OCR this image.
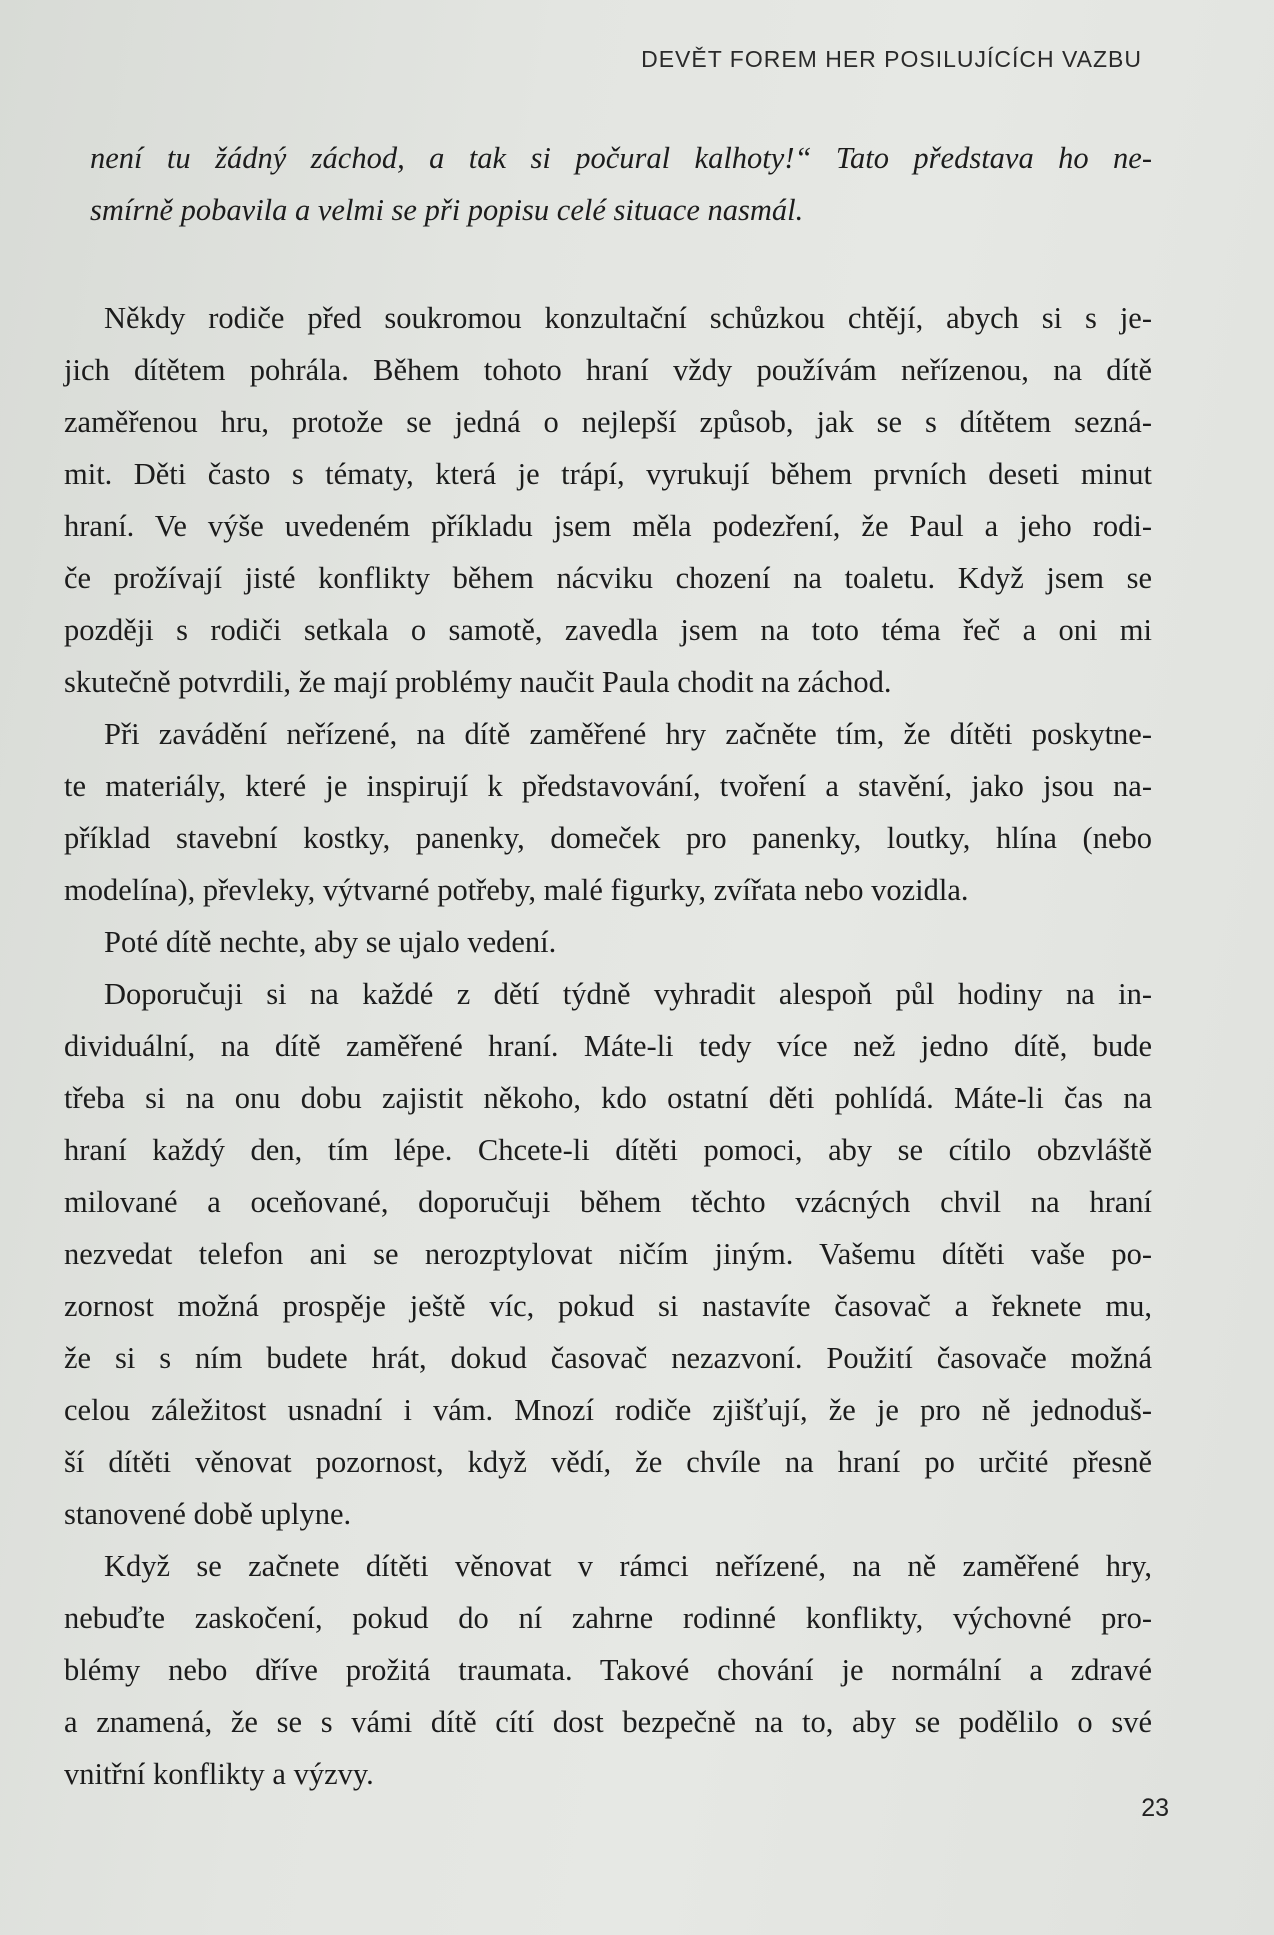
DEVĚT FOREM HER POSILUJÍCÍCH VAZBU
není tu žádný záchod, a tak si počural kalhoty!“ Tato představa ho ne-
smírně pobavila a velmi se při popisu celé situace nasmál.
Někdy rodiče před soukromou konzultační schůzkou chtějí, abych si s je-
jich dítětem pohrála. Během tohoto hraní vždy používám neřízenou, na dítě
zaměřenou hru, protože se jedná o nejlepší způsob, jak se s dítětem sezná-
mit. Děti často s tématy, která je trápí, vyrukují během prvních deseti minut
hraní. Ve výše uvedeném příkladu jsem měla podezření, že Paul a jeho rodi-
če prožívají jisté konflikty během nácviku chození na toaletu. Když jsem se
později s rodiči setkala o samotě, zavedla jsem na toto téma řeč a oni mi
skutečně potvrdili, že mají problémy naučit Paula chodit na záchod.
Při zavádění neřízené, na dítě zaměřené hry začněte tím, že dítěti poskytne-
te materiály, které je inspirují k představování, tvoření a stavění, jako jsou na-
příklad stavební kostky, panenky, domeček pro panenky, loutky, hlína (nebo
modelína), převleky, výtvarné potřeby, malé figurky, zvířata nebo vozidla.
Poté dítě nechte, aby se ujalo vedení.
Doporučuji si na každé z dětí týdně vyhradit alespoň půl hodiny na in-
dividuální, na dítě zaměřené hraní. Máte-li tedy více než jedno dítě, bude
třeba si na onu dobu zajistit někoho, kdo ostatní děti pohlídá. Máte-li čas na
hraní každý den, tím lépe. Chcete-li dítěti pomoci, aby se cítilo obzvláště
milované a oceňované, doporučuji během těchto vzácných chvil na hraní
nezvedat telefon ani se nerozptylovat ničím jiným. Vašemu dítěti vaše po-
zornost možná prospěje ještě víc, pokud si nastavíte časovač a řeknete mu,
že si s ním budete hrát, dokud časovač nezazvoní. Použití časovače možná
celou záležitost usnadní i vám. Mnozí rodiče zjišťují, že je pro ně jednoduš-
ší dítěti věnovat pozornost, když vědí, že chvíle na hraní po určité přesně
stanovené době uplyne.
Když se začnete dítěti věnovat v rámci neřízené, na ně zaměřené hry,
nebuďte zaskočení, pokud do ní zahrne rodinné konflikty, výchovné pro-
blémy nebo dříve prožitá traumata. Takové chování je normální a zdravé
a znamená, že se s vámi dítě cítí dost bezpečně na to, aby se podělilo o své
vnitřní konflikty a výzvy.
23
